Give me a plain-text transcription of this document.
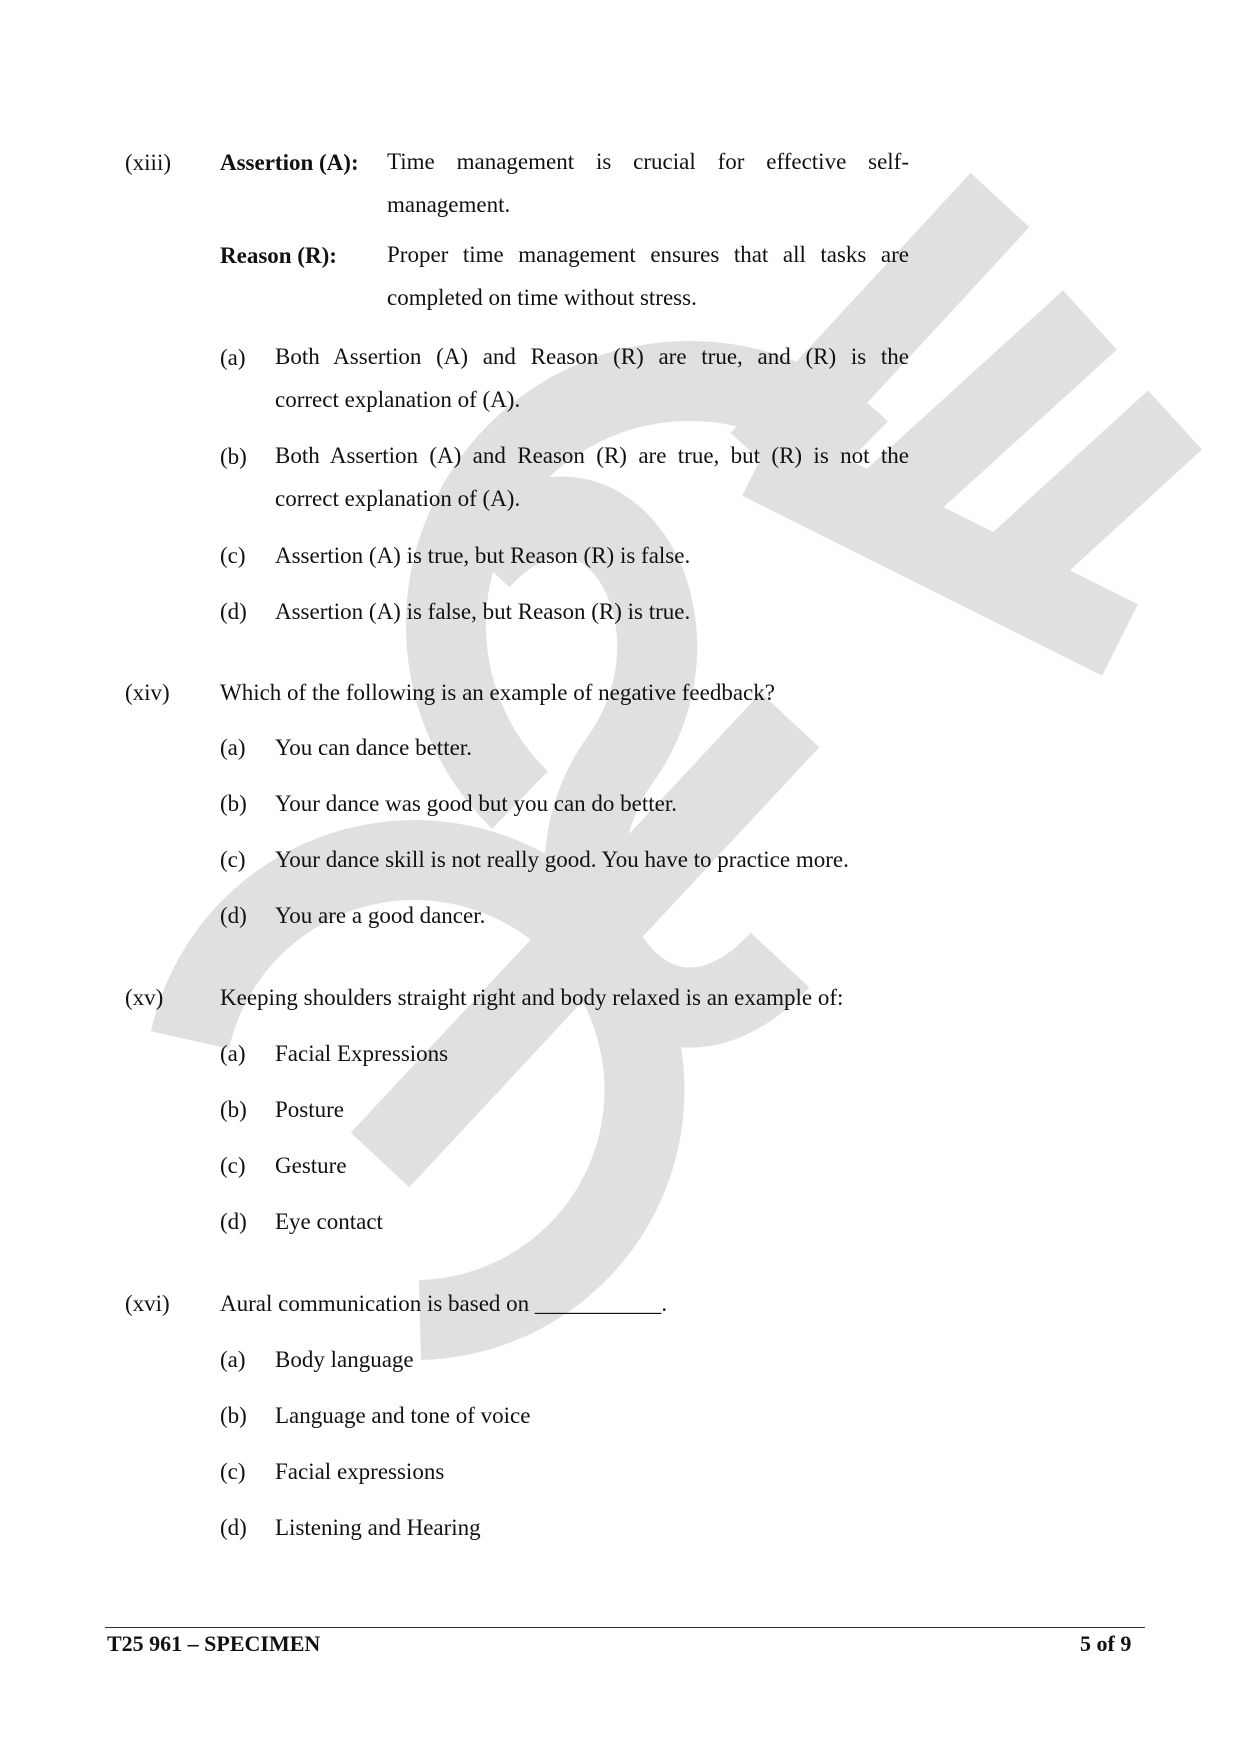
(xiii) Assertion (A): Time management is crucial for effective self-
management.
Reason (R): Proper time management ensures that all tasks are
completed on time without stress.
(a) Both Assertion (A) and Reason (R) are true, and (R) is the
correct explanation of (A).
(b) Both Assertion (A) and Reason (R) are true, but (R) is not the
correct explanation of (A).
(c) Assertion (A) is true, but Reason (R) is false.
(d) Assertion (A) is false, but Reason (R) is true.
(xiv) Which of the following is an example of negative feedback?
(a) You can dance better.
(b) Your dance was good but you can do better.
(c) Your dance skill is not really good. You have to practice more.
(d) You are a good dancer.
(xv) Keeping shoulders straight right and body relaxed is an example of:
(a) Facial Expressions
(b) Posture
(c) Gesture
(d) Eye contact
(xvi) Aural communication is based on ___________.
(a) Body language
(b) Language and tone of voice
(c) Facial expressions
(d) Listening and Hearing
T25 961 – SPECIMEN	5 of 9
